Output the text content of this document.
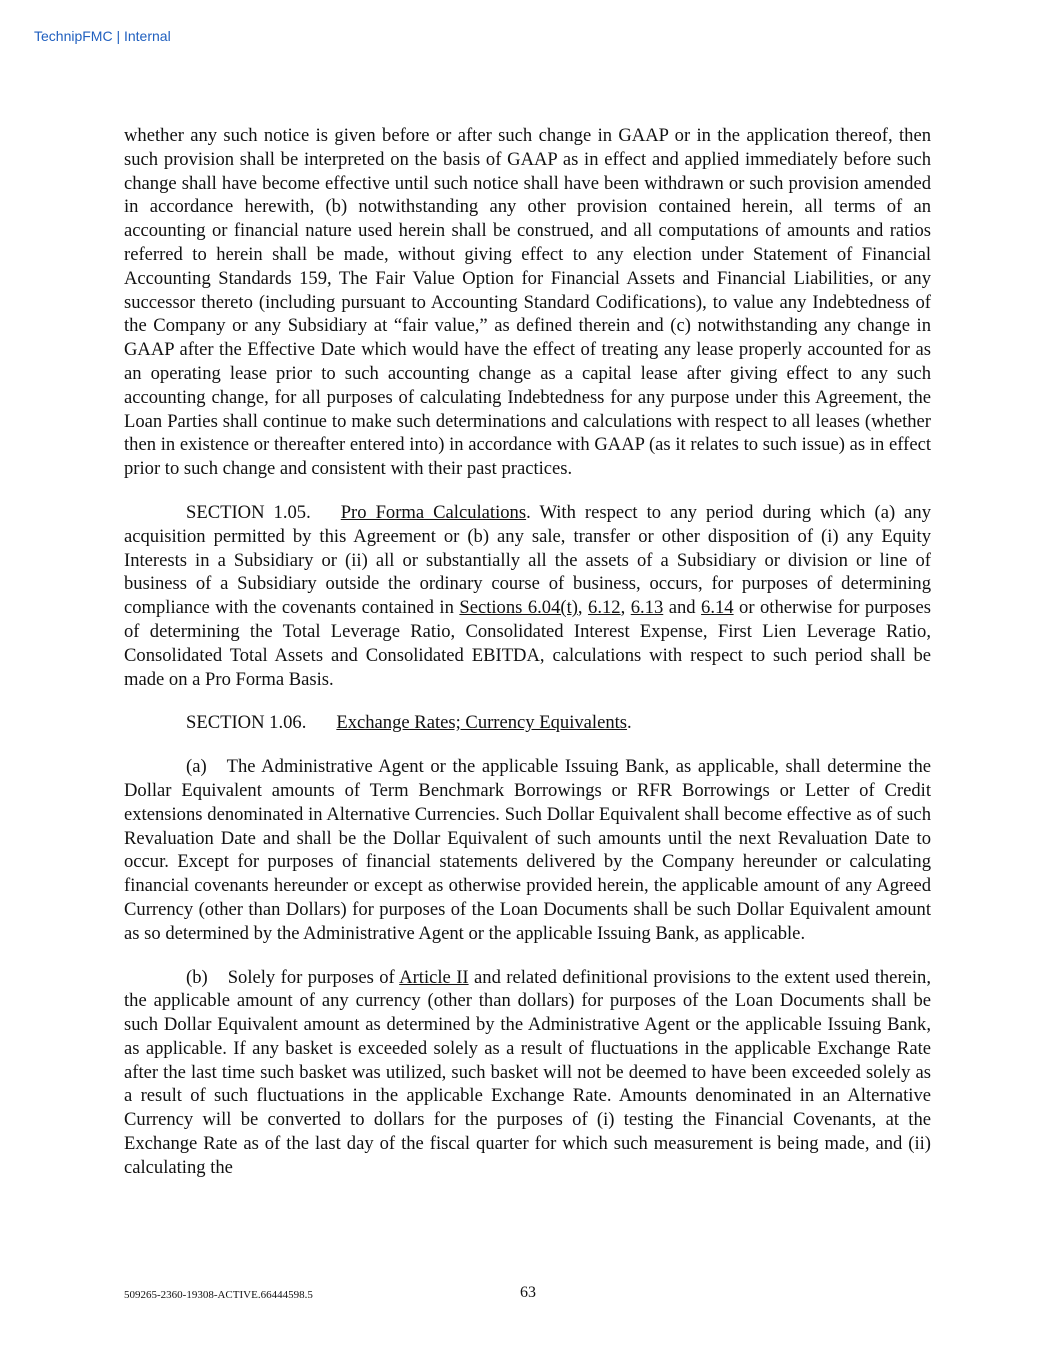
TechnipFMC | Internal

whether any such notice is given before or after such change in GAAP or in the application thereof, then such provision shall be interpreted on the basis of GAAP as in effect and applied immediately before such change shall have become effective until such notice shall have been withdrawn or such provision amended in accordance herewith, (b) notwithstanding any other provision contained herein, all terms of an accounting or financial nature used herein shall be construed, and all computations of amounts and ratios referred to herein shall be made, without giving effect to any election under Statement of Financial Accounting Standards 159, The Fair Value Option for Financial Assets and Financial Liabilities, or any successor thereto (including pursuant to Accounting Standard Codifications), to value any Indebtedness of the Company or any Subsidiary at “fair value,” as defined therein and (c) notwithstanding any change in GAAP after the Effective Date which would have the effect of treating any lease properly accounted for as an operating lease prior to such accounting change as a capital lease after giving effect to any such accounting change, for all purposes of calculating Indebtedness for any purpose under this Agreement, the Loan Parties shall continue to make such determinations and calculations with respect to all leases (whether then in existence or thereafter entered into) in accordance with GAAP (as it relates to such issue) as in effect prior to such change and consistent with their past practices.

SECTION 1.05. Pro Forma Calculations. With respect to any period during which (a) any acquisition permitted by this Agreement or (b) any sale, transfer or other disposition of (i) any Equity Interests in a Subsidiary or (ii) all or substantially all the assets of a Subsidiary or division or line of business of a Subsidiary outside the ordinary course of business, occurs, for purposes of determining compliance with the covenants contained in Sections 6.04(t), 6.12, 6.13 and 6.14 or otherwise for purposes of determining the Total Leverage Ratio, Consolidated Interest Expense, First Lien Leverage Ratio, Consolidated Total Assets and Consolidated EBITDA, calculations with respect to such period shall be made on a Pro Forma Basis.

SECTION 1.06. Exchange Rates; Currency Equivalents.

(a) The Administrative Agent or the applicable Issuing Bank, as applicable, shall determine the Dollar Equivalent amounts of Term Benchmark Borrowings or RFR Borrowings or Letter of Credit extensions denominated in Alternative Currencies. Such Dollar Equivalent shall become effective as of such Revaluation Date and shall be the Dollar Equivalent of such amounts until the next Revaluation Date to occur. Except for purposes of financial statements delivered by the Company hereunder or calculating financial covenants hereunder or except as otherwise provided herein, the applicable amount of any Agreed Currency (other than Dollars) for purposes of the Loan Documents shall be such Dollar Equivalent amount as so determined by the Administrative Agent or the applicable Issuing Bank, as applicable.

(b) Solely for purposes of Article II and related definitional provisions to the extent used therein, the applicable amount of any currency (other than dollars) for purposes of the Loan Documents shall be such Dollar Equivalent amount as determined by the Administrative Agent or the applicable Issuing Bank, as applicable. If any basket is exceeded solely as a result of fluctuations in the applicable Exchange Rate after the last time such basket was utilized, such basket will not be deemed to have been exceeded solely as a result of such fluctuations in the applicable Exchange Rate. Amounts denominated in an Alternative Currency will be converted to dollars for the purposes of (i) testing the Financial Covenants, at the Exchange Rate as of the last day of the fiscal quarter for which such measurement is being made, and (ii) calculating the

509265-2360-19308-ACTIVE.66444598.5	63
